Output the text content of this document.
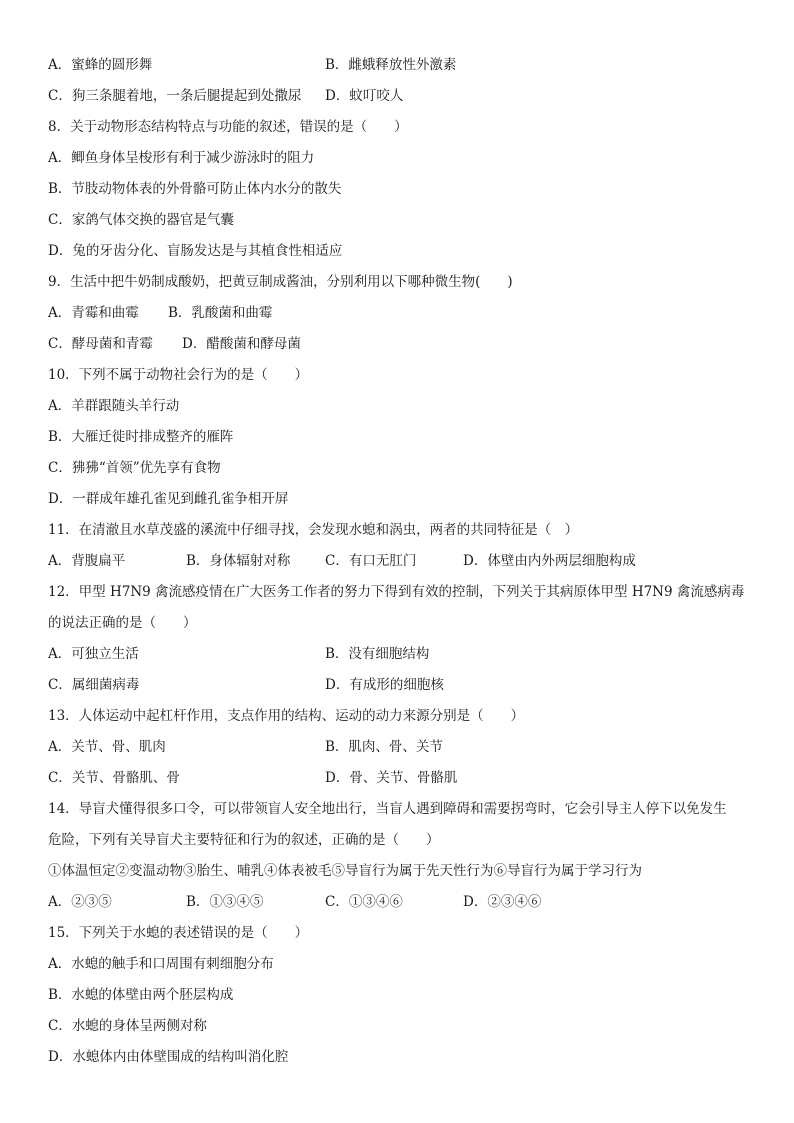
A．蜜蜂的圆形舞	B．雌蛾释放性外激素
C．狗三条腿着地，一条后腿提起到处撒尿 D．蚊叮咬人
8．关于动物形态结构特点与功能的叙述，错误的是（　　）
A．鲫鱼身体呈梭形有利于减少游泳时的阻力
B．节肢动物体表的外骨骼可防止体内水分的散失
C．家鸽气体交换的器官是气囊
D．兔的牙齿分化、盲肠发达是与其植食性相适应
9．生活中把牛奶制成酸奶，把黄豆制成酱油，分别利用以下哪种微生物(　　)
A．青霉和曲霉 B．乳酸菌和曲霉
C．酵母菌和青霉 D．醋酸菌和酵母菌
10．下列不属于动物社会行为的是（　　）
A．羊群跟随头羊行动
B．大雁迁徙时排成整齐的雁阵
C．狒狒“首领”优先享有食物
D．一群成年雄孔雀见到雌孔雀争相开屏
11．在清澈且水草茂盛的溪流中仔细寻找，会发现水螅和涡虫，两者的共同特征是（　）
A．背腹扁平	B．身体辐射对称	C．有口无肛门	D．体壁由内外两层细胞构成
12．甲型 H7N9 禽流感疫情在广大医务工作者的努力下得到有效的控制，下列关于其病原体甲型 H7N9 禽流感病毒
的说法正确的是（　　）
A．可独立生活	B．没有细胞结构
C．属细菌病毒	D．有成形的细胞核
13．人体运动中起杠杆作用，支点作用的结构、运动的动力来源分别是（　　）
A．关节、骨、肌肉	B．肌肉、骨、关节
C．关节、骨骼肌、骨	D．骨、关节、骨骼肌
14．导盲犬懂得很多口令，可以带领盲人安全地出行，当盲人遇到障碍和需要拐弯时，它会引导主人停下以免发生
危险，下列有关导盲犬主要特征和行为的叙述，正确的是（　　）
①体温恒定②变温动物③胎生、哺乳④体表被毛⑤导盲行为属于先天性行为⑥导盲行为属于学习行为
A．②③⑤	B．①③④⑤	C．①③④⑥	D．②③④⑥
15．下列关于水螅的表述错误的是（　　）
A．水螅的触手和口周围有刺细胞分布
B．水螅的体壁由两个胚层构成
C．水螅的身体呈两侧对称
D．水螅体内由体壁围成的结构叫消化腔
